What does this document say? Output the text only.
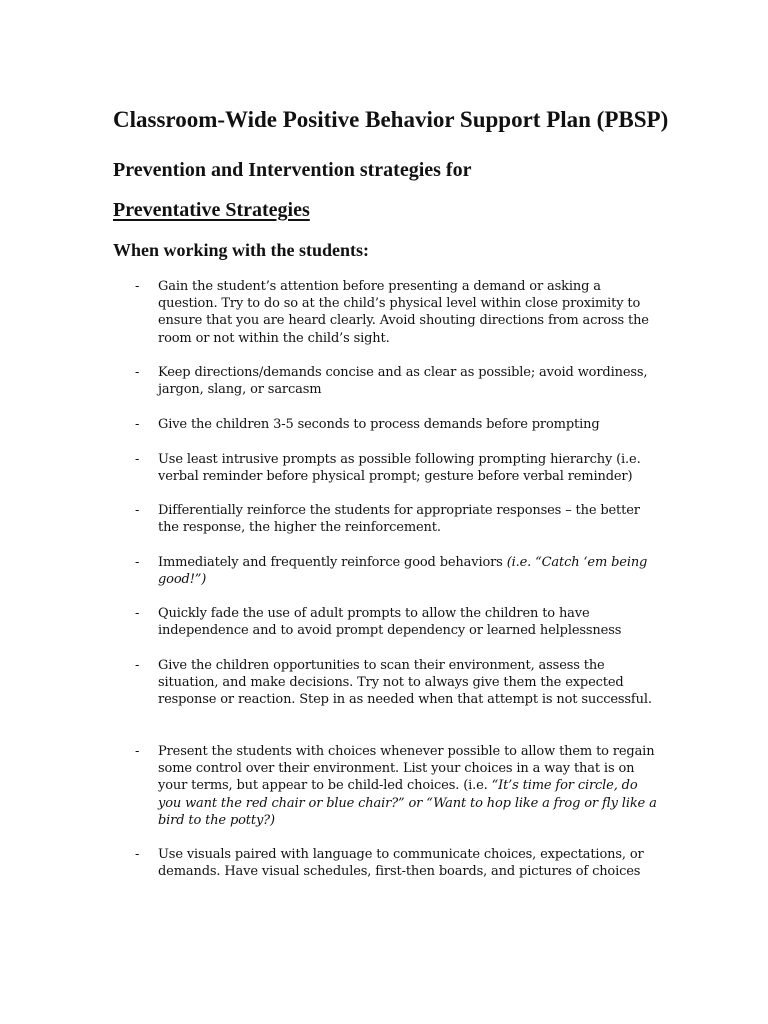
Classroom-Wide Positive Behavior Support Plan (PBSP)
Prevention and Intervention strategies for
Preventative Strategies
When working with the students:
- Gain the student’s attention before presenting a demand or asking a question. Try to do so at the child’s physical level within close proximity to ensure that you are heard clearly. Avoid shouting directions from across the room or not within the child’s sight.
- Keep directions/demands concise and as clear as possible; avoid wordiness, jargon, slang, or sarcasm
- Give the children 3-5 seconds to process demands before prompting
- Use least intrusive prompts as possible following prompting hierarchy (i.e. verbal reminder before physical prompt; gesture before verbal reminder)
- Differentially reinforce the students for appropriate responses – the better the response, the higher the reinforcement.
- Immediately and frequently reinforce good behaviors (i.e. “Catch ‘em being good!”)
- Quickly fade the use of adult prompts to allow the children to have independence and to avoid prompt dependency or learned helplessness
- Give the children opportunities to scan their environment, assess the situation, and make decisions. Try not to always give them the expected response or reaction. Step in as needed when that attempt is not successful.
- Present the students with choices whenever possible to allow them to regain some control over their environment. List your choices in a way that is on your terms, but appear to be child-led choices. (i.e. “It’s time for circle, do you want the red chair or blue chair?” or “Want to hop like a frog or fly like a bird to the potty?)
- Use visuals paired with language to communicate choices, expectations, or demands. Have visual schedules, first-then boards, and pictures of choices
